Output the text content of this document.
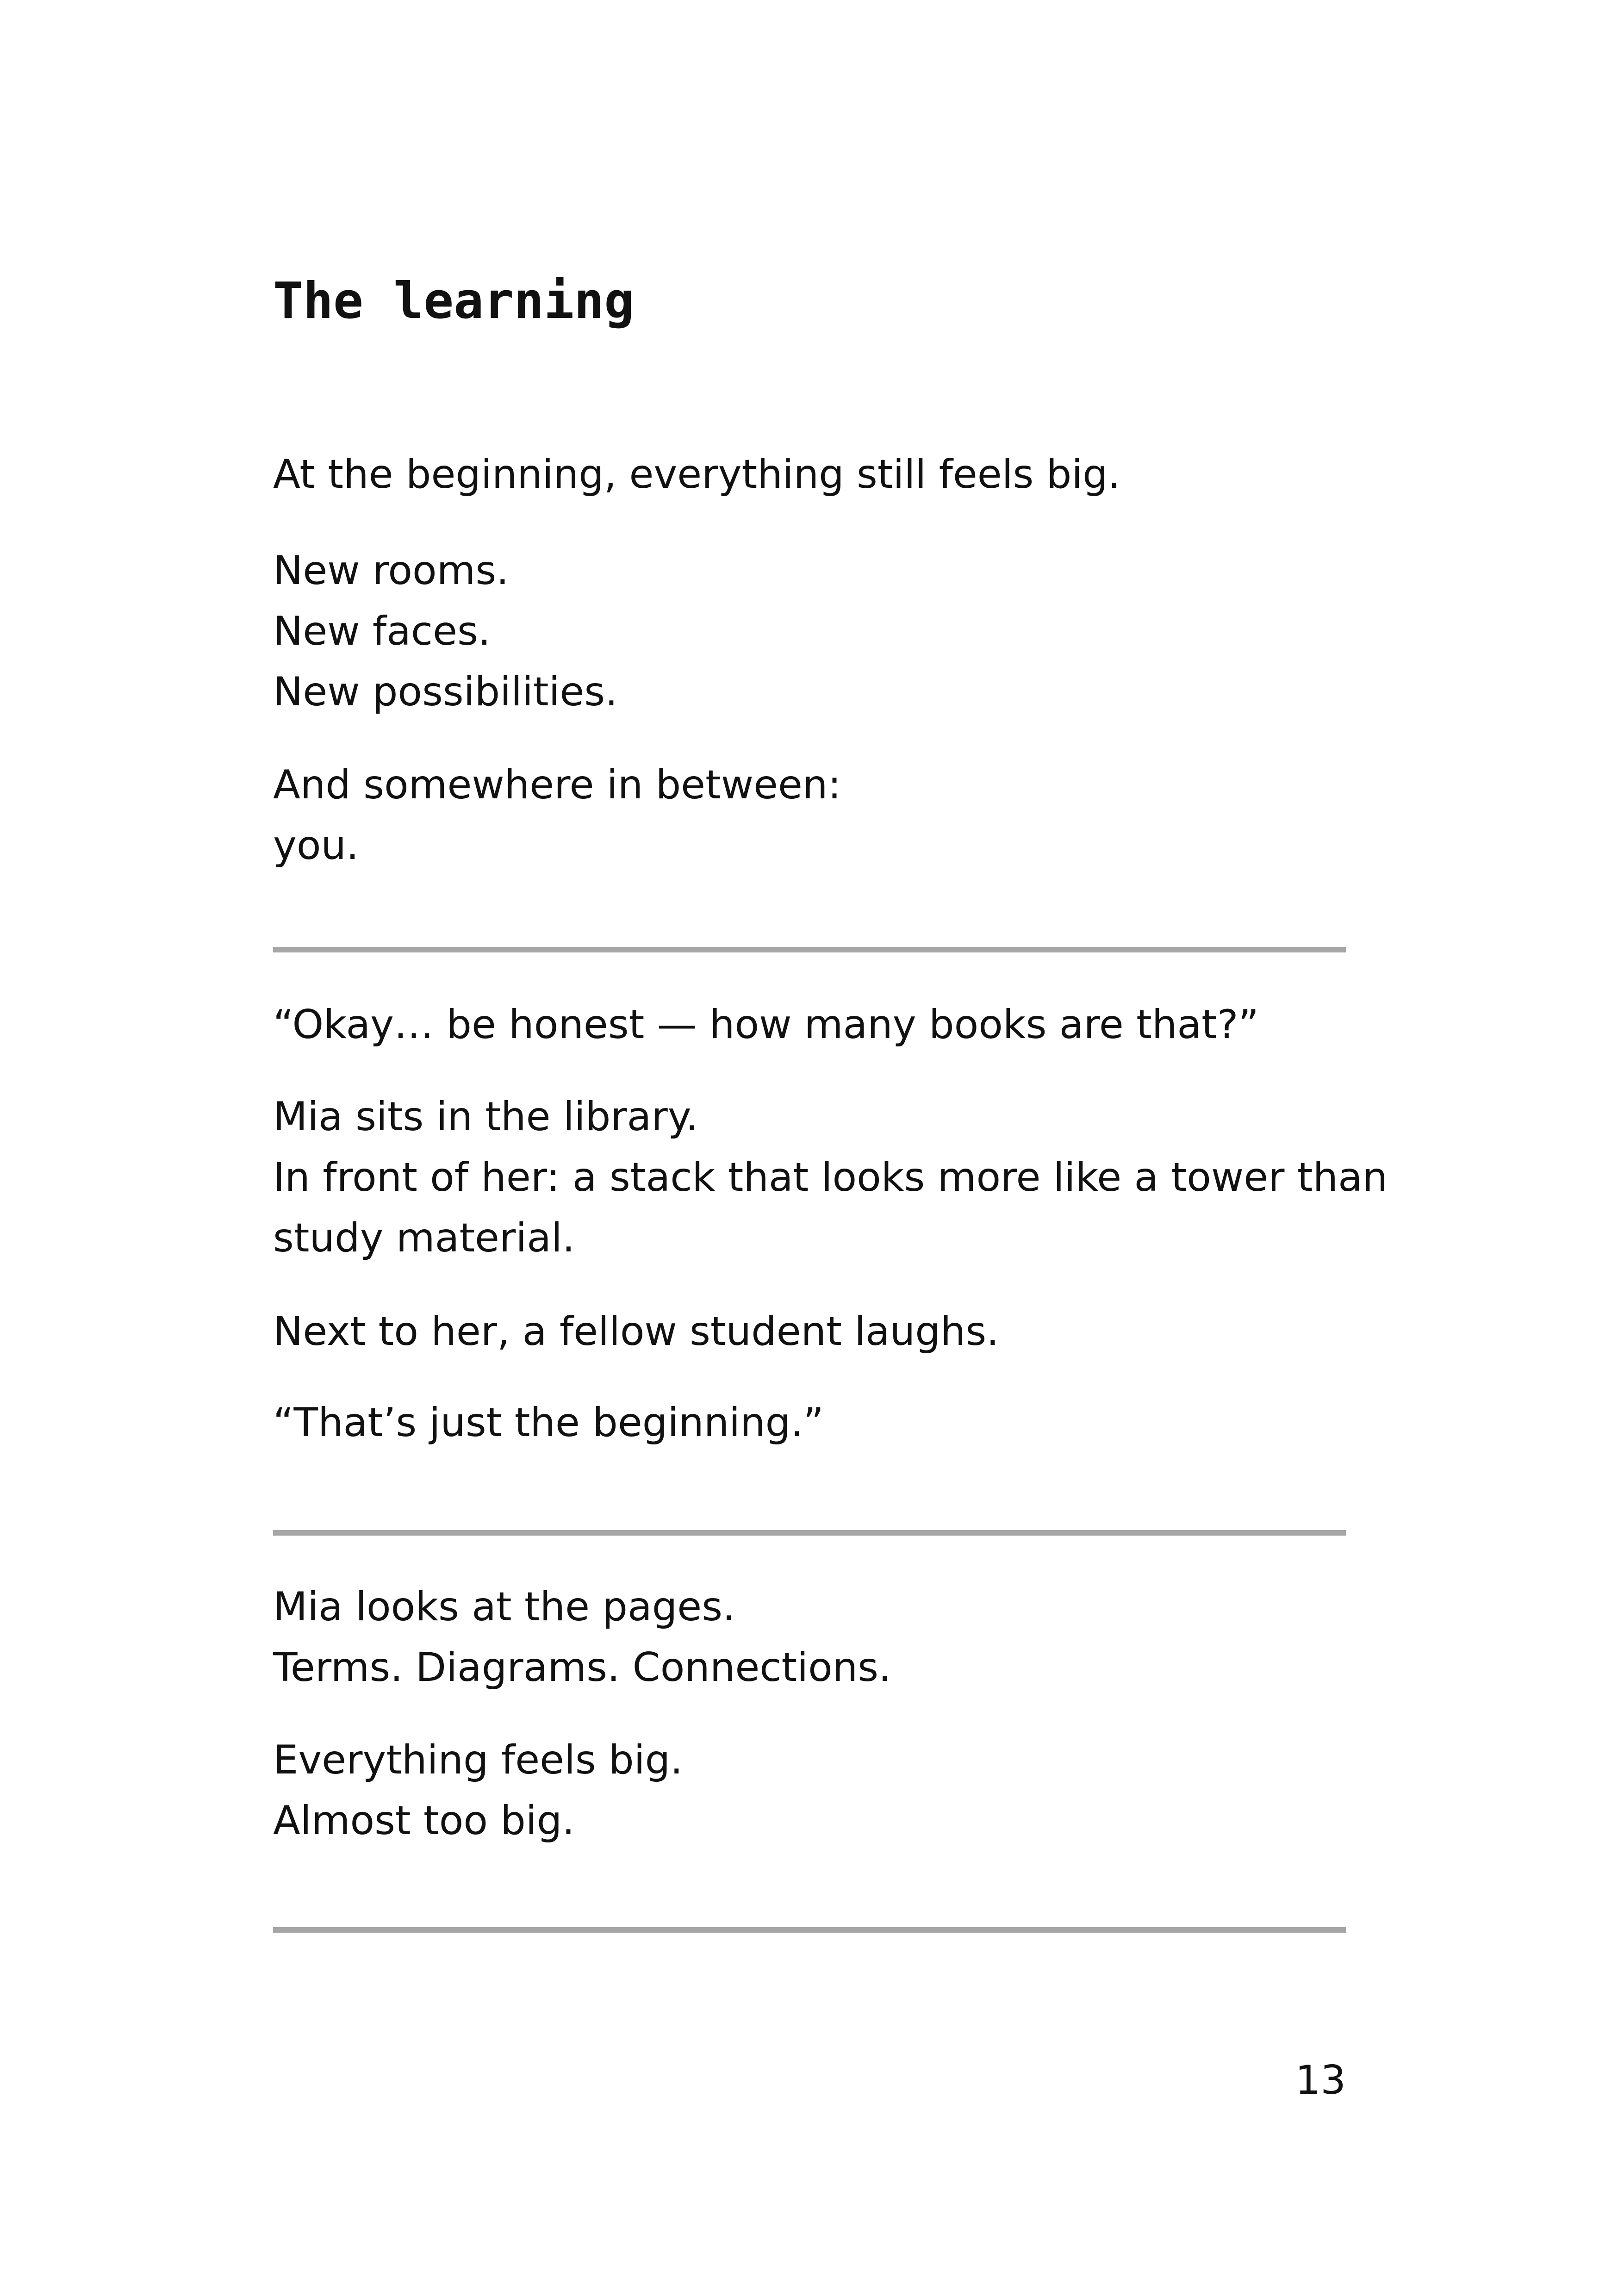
The learning

At the beginning, everything still feels big.

New rooms.

New faces.

New possibilities.

And somewhere in between:

you.

“Okay… be honest — how many books are that?”

Mia sits in the library.

In front of her: a stack that looks more like a tower than

study material.

Next to her, a fellow student laughs.

“That’s just the beginning.”

Mia looks at the pages.

Terms. Diagrams. Connections.

Everything feels big.

Almost too big.

13
